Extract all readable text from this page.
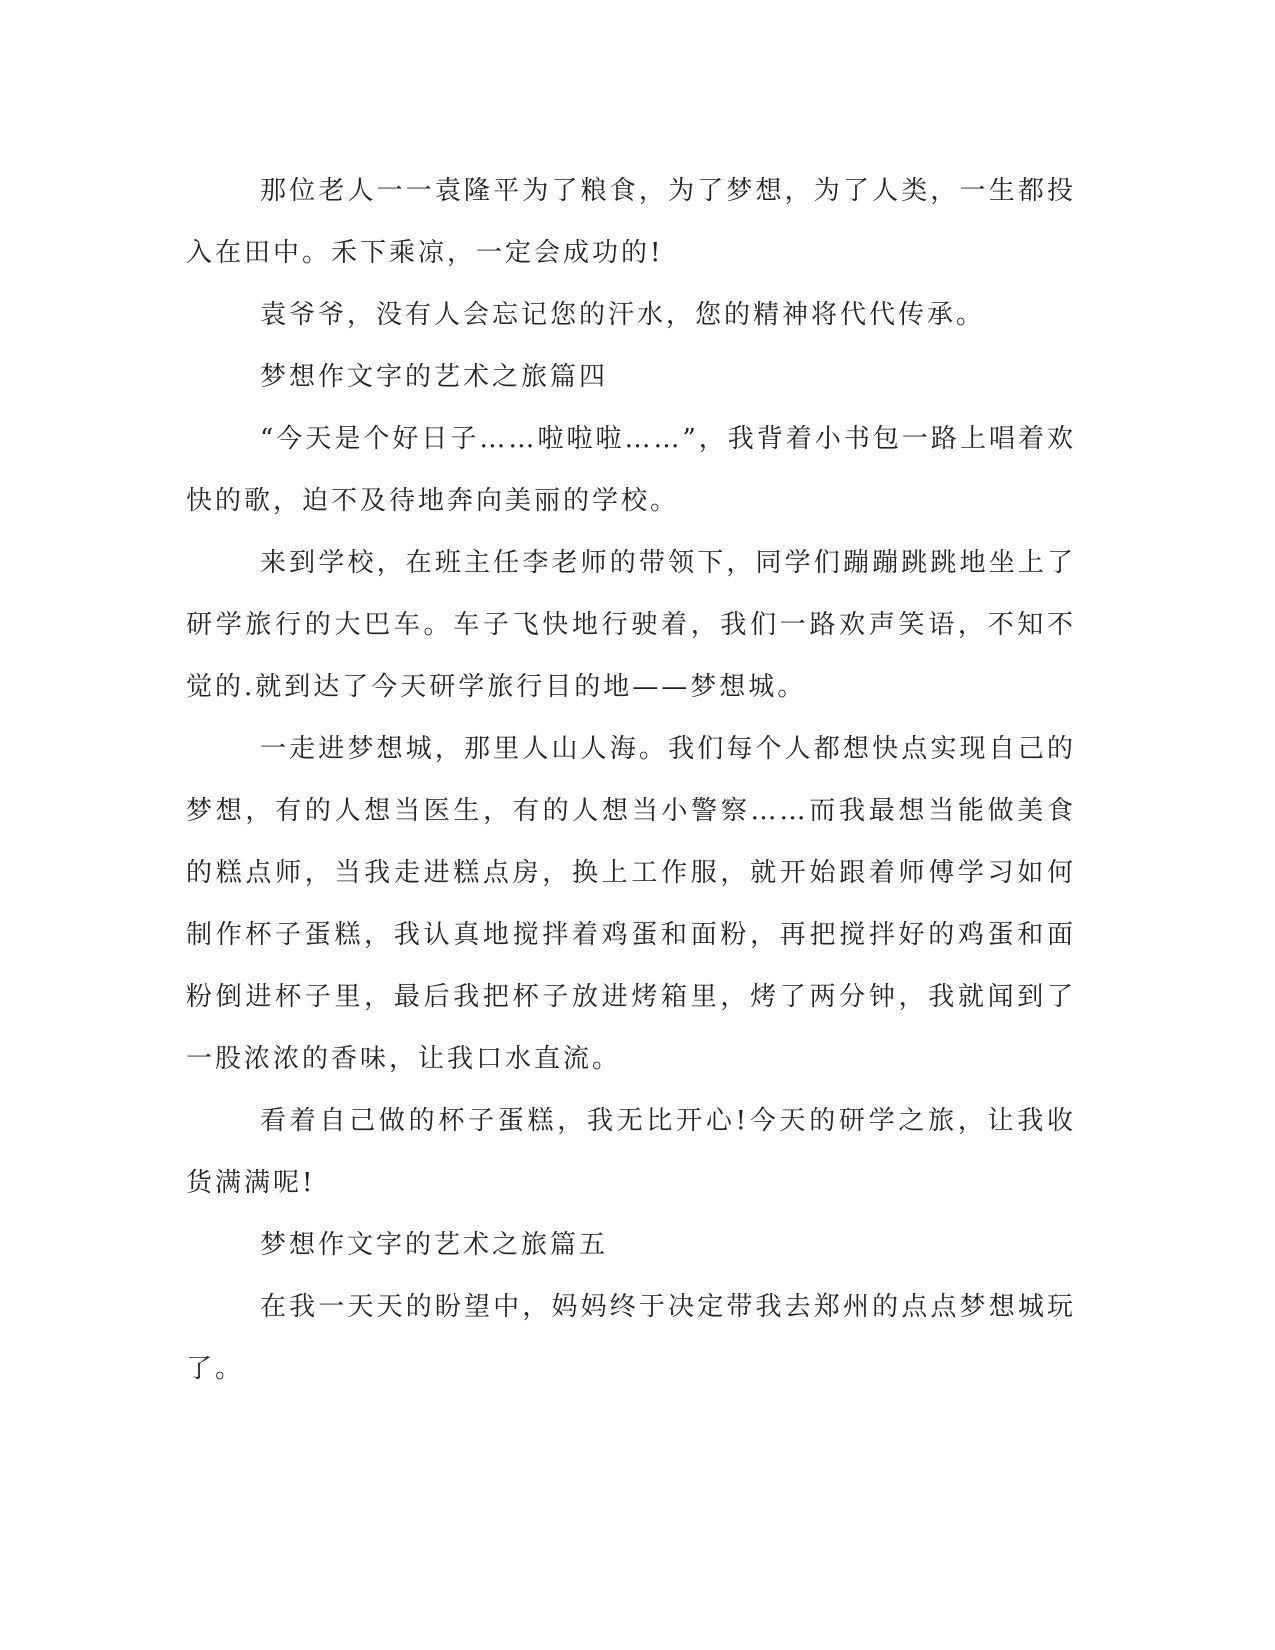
那位老人一一袁隆平为了粮食，为了梦想，为了人类，一生都投入在田中。禾下乘凉，一定会成功的!

袁爷爷，没有人会忘记您的汗水，您的精神将代代传承。

梦想作文字的艺术之旅篇四

“今天是个好日子……啦啦啦……”，我背着小书包一路上唱着欢快的歌，迫不及待地奔向美丽的学校。

来到学校，在班主任李老师的带领下，同学们蹦蹦跳跳地坐上了研学旅行的大巴车。车子飞快地行驶着，我们一路欢声笑语，不知不觉的.就到达了今天研学旅行目的地——梦想城。

一走进梦想城，那里人山人海。我们每个人都想快点实现自己的梦想，有的人想当医生，有的人想当小警察……而我最想当能做美食的糕点师，当我走进糕点房，换上工作服，就开始跟着师傅学习如何制作杯子蛋糕，我认真地搅拌着鸡蛋和面粉，再把搅拌好的鸡蛋和面粉倒进杯子里，最后我把杯子放进烤箱里，烤了两分钟，我就闻到了一股浓浓的香味，让我口水直流。

看着自己做的杯子蛋糕，我无比开心!今天的研学之旅，让我收货满满呢!

梦想作文字的艺术之旅篇五

在我一天天的盼望中，妈妈终于决定带我去郑州的点点梦想城玩了。
